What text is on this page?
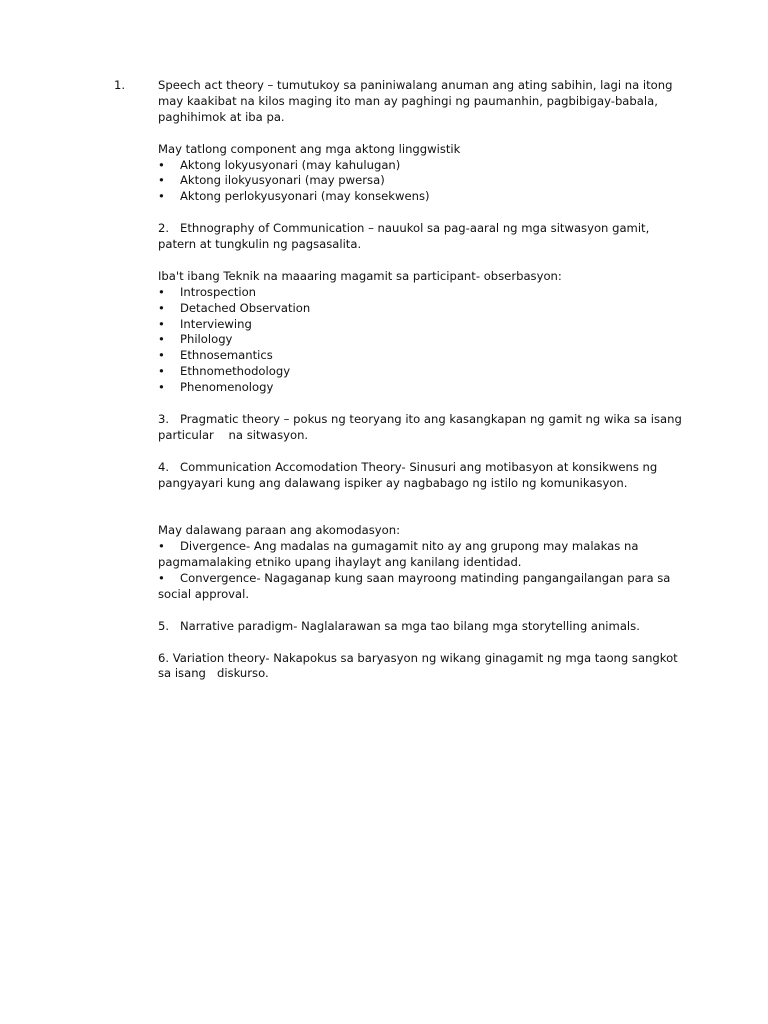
1.	Speech act theory – tumutukoy sa paniniwalang anuman ang ating sabihin, lagi na itong may kaakibat na kilos maging ito man ay paghingi ng paumanhin, pagbibigay-babala, paghihimok at iba pa.

May tatlong component ang mga aktong linggwistik

•	Aktong lokyusyonari (may kahulugan)
•	Aktong ilokyusyonari (may pwersa)
•	Aktong perlokyusyonari (may konsekwens)

2. Ethnography of Communication – nauukol sa pag-aaral ng mga sitwasyon gamit, patern at tungkulin ng pagsasalita.

Iba't ibang Teknik na maaaring magamit sa participant- obserbasyon:

•	Introspection
•	Detached Observation
•	Interviewing
•	Philology
•	Ethnosemantics
•	Ethnomethodology
•	Phenomenology

3. Pragmatic theory – pokus ng teoryang ito ang kasangkapan ng gamit ng wika sa isang particular    na sitwasyon.

4. Communication Accomodation Theory- Sinusuri ang motibasyon at konsikwens ng pangyayari kung ang dalawang ispiker ay nagbabago ng istilo ng komunikasyon.

May dalawang paraan ang akomodasyon:

• Divergence- Ang madalas na gumagamit nito ay ang grupong may malakas na pagmamalaking etniko upang ihaylayt ang kanilang identidad.

• Convergence- Nagaganap kung saan mayroong matinding pangangailangan para sa social approval.

5. Narrative paradigm- Naglalarawan sa mga tao bilang mga storytelling animals.

6. Variation theory- Nakapokus sa baryasyon ng wikang ginagamit ng mga taong sangkot sa isang   diskurso.
